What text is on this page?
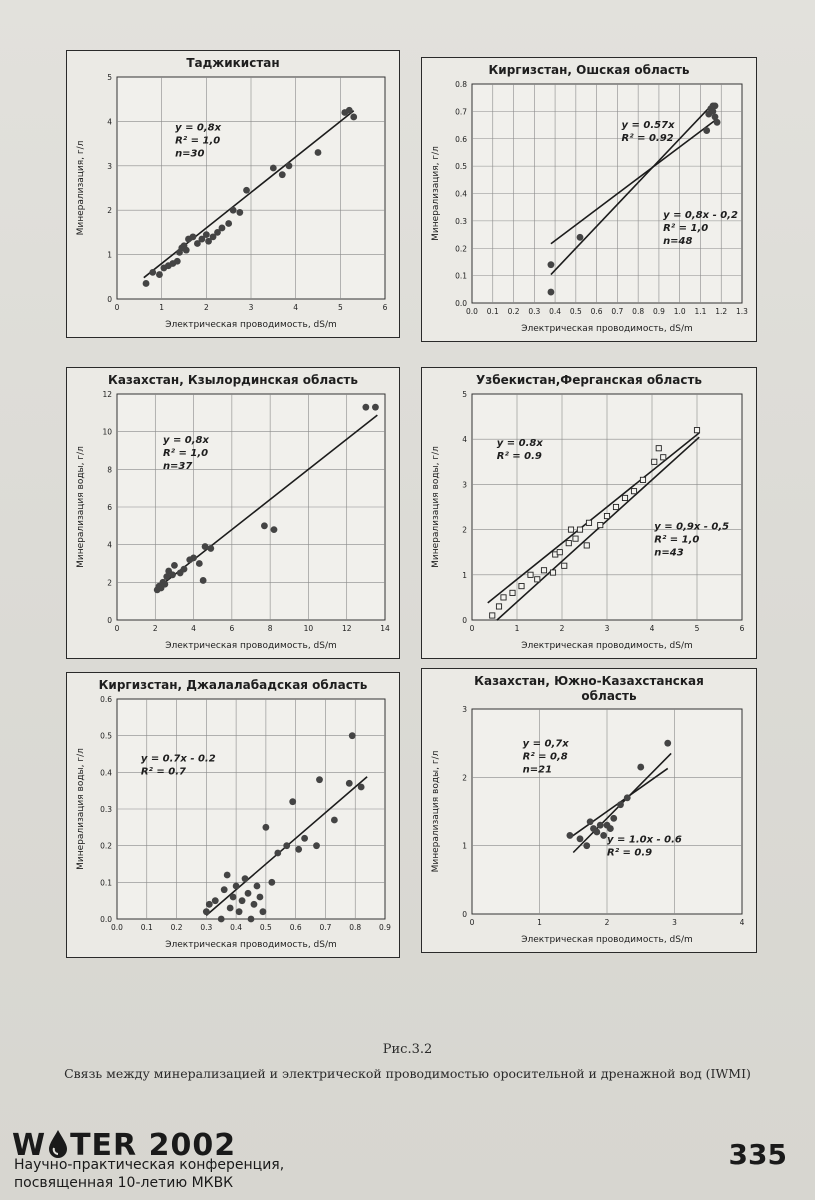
Таджикистан
0	1	2	3	4	5	6
0
1
2
3
4
5
Электрическая проводимость, dS/m
Минерализация, г/л
y = 0,8x
R² = 1,0
n=30
Киргизстан, Ошская область
0.0 0.1 0.2 0.3 0.4 0.5 0.6 0.7 0.8 0.9 1.0 1.1 1.2 1.3
0.0
0.1
0.2
0.3
0.4
0.5
0.6
0.7
0.8
Электрическая проводимость, dS/m
Минерализация, г/л
y = 0.57x
R² = 0.92
y = 0,8x - 0,2
R² = 1,0
n=48
Казахстан, Кзылординская область
0	2	4	6	8	10	12	14
0
2
4
6
8
10
12
Электрическая проводимость, dS/m
Минерализация воды, г/л
y = 0,8x
R² = 1,0
n=37
Узбекистан,Ферганская область
0	1	2	3	4	5	6
0
1
2
3
4
5
Электрическая проводимость, dS/m
Минерализация воды, г/л
y = 0.8x
R² = 0.9
y = 0,9x - 0,5
R² = 1,0
n=43
Киргизстан, Джалалабадская область
0.0 0.1 0.2 0.3 0.4 0.5 0.6 0.7 0.8 0.9
0.0
0.1
0.2
0.3
0.4
0.5
0.6
Электрическая проводимость, dS/m
Минерализация воды, г/л	y = 0.7x - 0.2
R² = 0.7
Казахстан, Южно-Казахстанская
область
0	1	2	3	4
0
1
2
3
Электрическая проводимость, dS/m
Минерализация воды, г/л
y = 0,7x
R² = 0,8
n=21
y = 1.0x - 0.6
R² = 0.9
Рис.3.2
Связь между минерализацией и электрической проводимостью оросительной и дренажной вод (IWMI)
W TER 2002
Научно-практическая конференция,
посвященная 10-летию МКВК
335
